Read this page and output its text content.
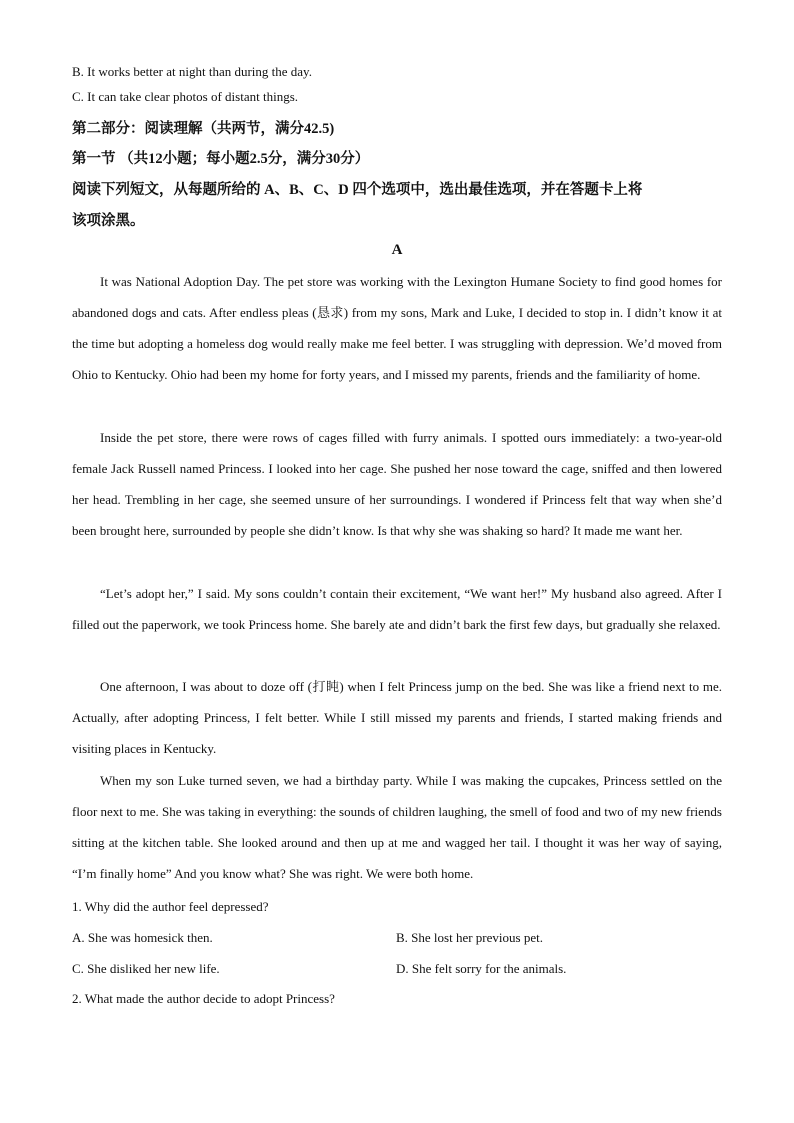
B. It works better at night than during the day.
C. It can take clear photos of distant things.
第二部分：阅读理解（共两节，满分42.5)
第一节 （共12小题；每小题2.5分，满分30分）
阅读下列短文，从每题所给的 A、B、C、D 四个选项中，选出最佳选项，并在答题卡上将
该项涂黑。
A

It was National Adoption Day. The pet store was working with the Lexington Humane Society to find good homes for abandoned dogs and cats. After endless pleas (恳求) from my sons, Mark and Luke, I decided to stop in. I didn’t know it at the time but adopting a homeless dog would really make me feel better. I was struggling with depression. We’d moved from Ohio to Kentucky. Ohio had been my home for forty years, and I missed my parents, friends and the familiarity of home.

Inside the pet store, there were rows of cages filled with furry animals. I spotted ours immediately: a two-year-old female Jack Russell named Princess. I looked into her cage. She pushed her nose toward the cage, sniffed and then lowered her head. Trembling in her cage, she seemed unsure of her surroundings. I wondered if Princess felt that way when she’d been brought here, surrounded by people she didn’t know. Is that why she was shaking so hard? It made me want her.

“Let’s adopt her,” I said. My sons couldn’t contain their excitement, “We want her!” My husband also agreed. After I filled out the paperwork, we took Princess home. She barely ate and didn’t bark the first few days, but gradually she relaxed.

One afternoon, I was about to doze off (打盹) when I felt Princess jump on the bed. She was like a friend next to me. Actually, after adopting Princess, I felt better. While I still missed my parents and friends, I started making friends and visiting places in Kentucky.

When my son Luke turned seven, we had a birthday party. While I was making the cupcakes, Princess settled on the floor next to me. She was taking in everything: the sounds of children laughing, the smell of food and two of my new friends sitting at the kitchen table. She looked around and then up at me and wagged her tail. I thought it was her way of saying, “I’m finally home” And you know what? She was right. We were both home.

1. Why did the author feel depressed?
A. She was homesick then.	B. She lost her previous pet.
C. She disliked her new life.	D. She felt sorry for the animals.
2. What made the author decide to adopt Princess?
